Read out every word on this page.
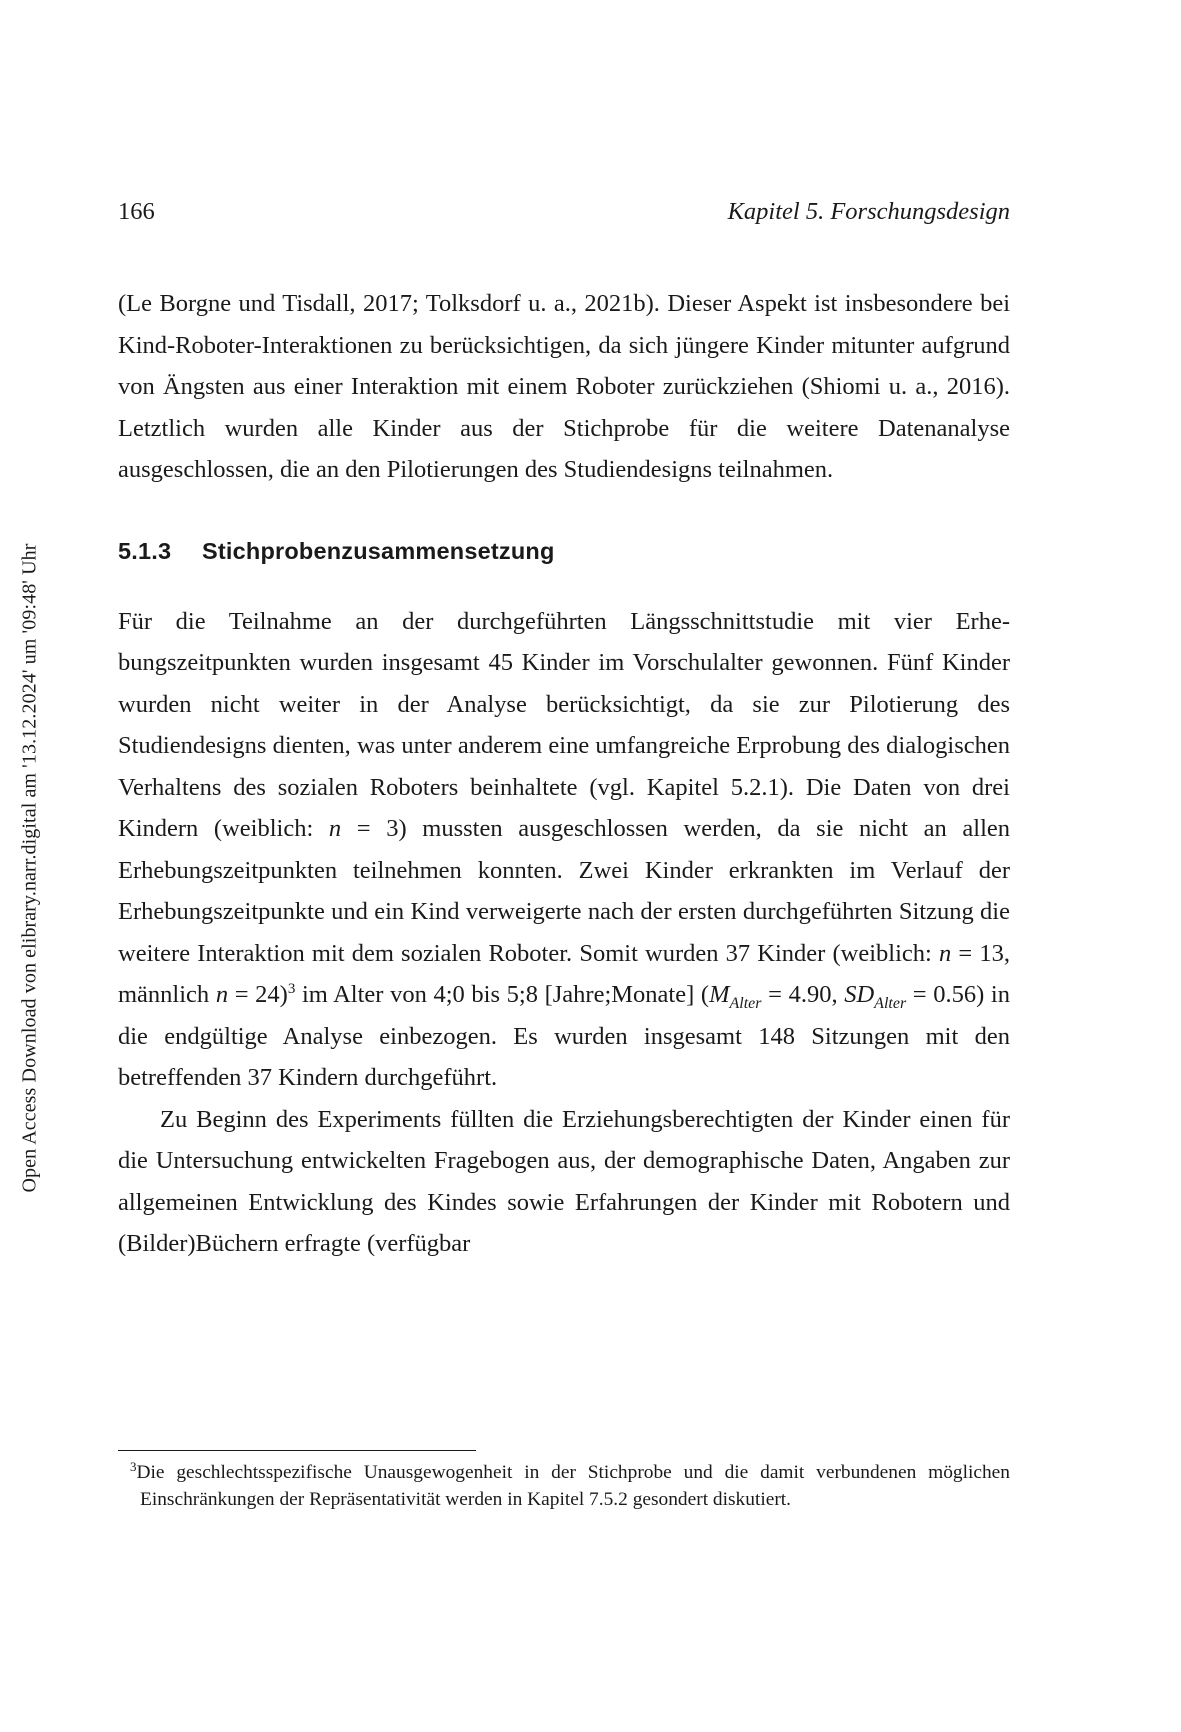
Open Access Download von elibrary.narr.digital am '13.12.2024' um '09:48' Uhr
166	Kapitel 5. Forschungsdesign

(Le Borgne und Tisdall, 2017; Tolksdorf u. a., 2021b). Dieser Aspekt ist insbesondere bei Kind-Roboter-Interaktionen zu berücksichtigen, da sich jüngere Kinder mitunter aufgrund von Ängsten aus einer Interaktion mit einem Roboter zurückziehen (Shiomi u. a., 2016). Letztlich wurden alle Kinder aus der Stichprobe für die weitere Datenanalyse ausgeschlossen, die an den Pilotierungen des Studiendesigns teilnahmen.

5.1.3 Stichprobenzusammensetzung

Für die Teilnahme an der durchgeführten Längsschnittstudie mit vier Erhebungszeitpunkten wurden insgesamt 45 Kinder im Vorschulalter gewonnen. Fünf Kinder wurden nicht weiter in der Analyse berücksichtigt, da sie zur Pilotierung des Studiendesigns dienten, was unter anderem eine umfangreiche Erprobung des dialogischen Verhaltens des sozialen Roboters beinhaltete (vgl. Kapitel 5.2.1). Die Daten von drei Kindern (weiblich: n = 3) mussten ausgeschlossen werden, da sie nicht an allen Erhebungszeitpunkten teilnehmen konnten. Zwei Kinder erkrankten im Verlauf der Erhebungszeitpunkte und ein Kind verweigerte nach der ersten durchgeführten Sitzung die weitere Interaktion mit dem sozialen Roboter. Somit wurden 37 Kinder (weiblich: n = 13, männlich n = 24)$^3$ im Alter von 4;0 bis 5;8 [Jahre;Monate] ($M_{Alter} = 4.90$, $SD_{Alter} = 0.56$) in die endgültige Analyse einbezogen. Es wurden insgesamt 148 Sitzungen mit den betreffenden 37 Kindern durchgeführt.

Zu Beginn des Experiments füllten die Erziehungsberechtigten der Kinder einen für die Untersuchung entwickelten Fragebogen aus, der demographische Daten, Angaben zur allgemeinen Entwicklung des Kindes sowie Erfahrungen der Kinder mit Robotern und (Bilder)Büchern erfragte (verfügbar

$^3$Die geschlechtsspezifische Unausgewogenheit in der Stichprobe und die damit verbundenen möglichen Einschränkungen der Repräsentativität werden in Kapitel 7.5.2 gesondert diskutiert.
